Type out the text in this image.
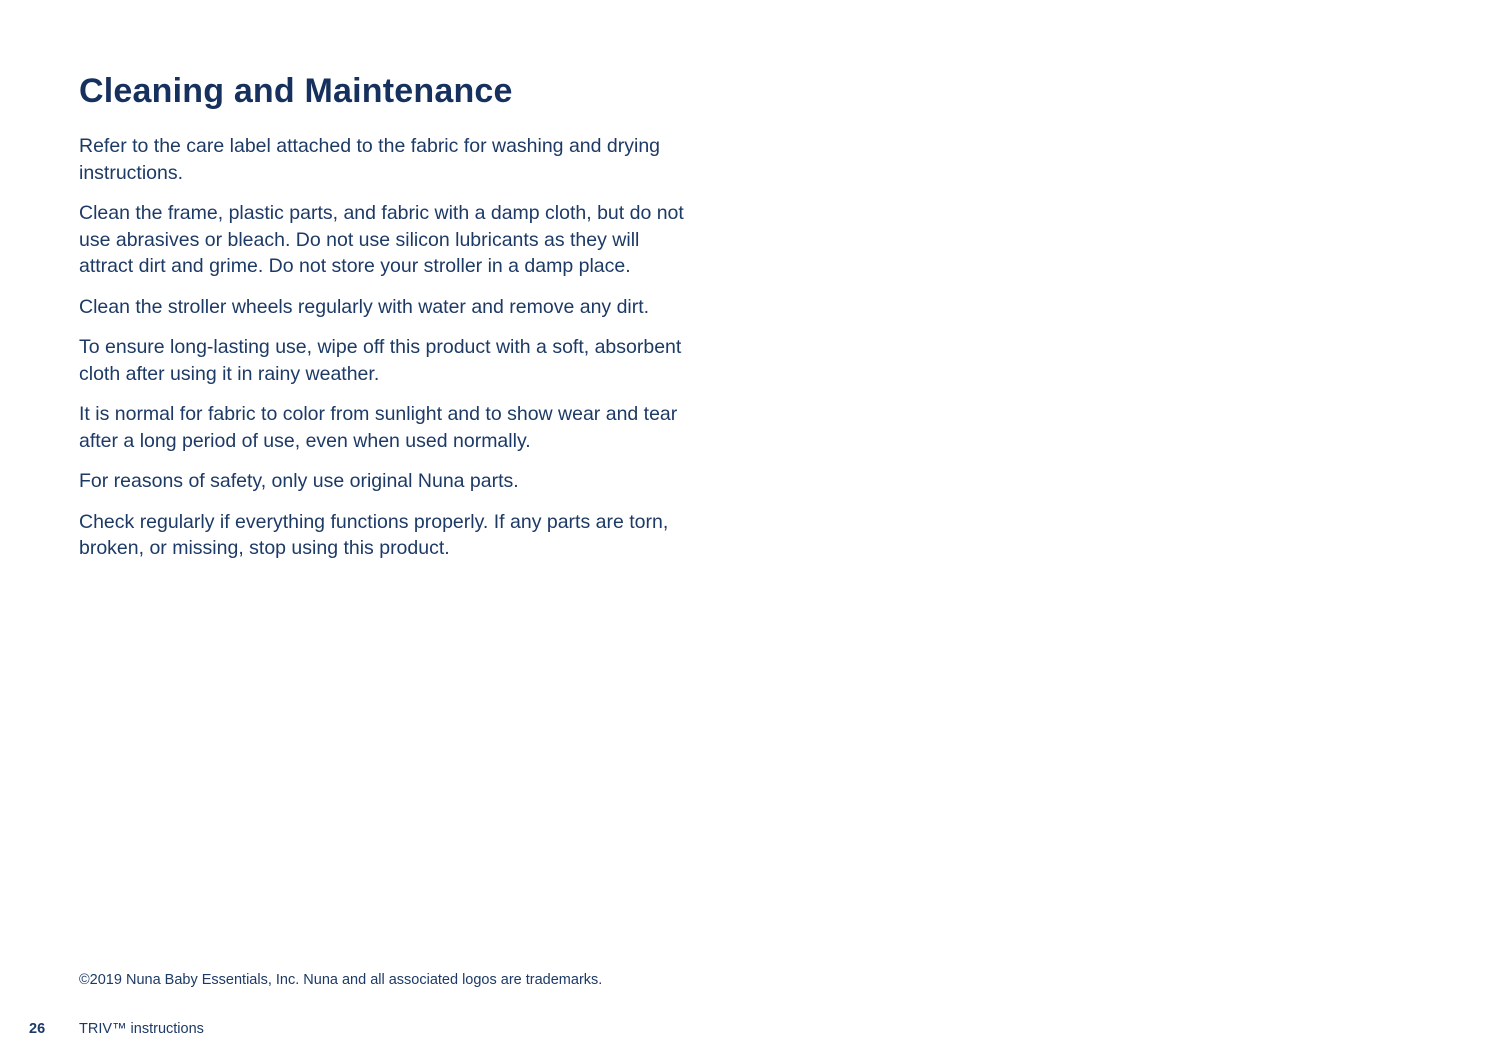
Cleaning and Maintenance

Refer to the care label attached to the fabric for washing and drying instructions.

Clean the frame, plastic parts, and fabric with a damp cloth, but do not use abrasives or bleach. Do not use silicon lubricants as they will attract dirt and grime. Do not store your stroller in a damp place.

Clean the stroller wheels regularly with water and remove any dirt.

To ensure long-lasting use, wipe off this product with a soft, absorbent cloth after using it in rainy weather.

It is normal for fabric to color from sunlight and to show wear and tear after a long period of use, even when used normally.

For reasons of safety, only use original Nuna parts.

Check regularly if everything functions properly. If any parts are torn, broken, or missing, stop using this product.

©2019 Nuna Baby Essentials, Inc. Nuna and all associated logos are trademarks.
26	TRIV™ instructions
